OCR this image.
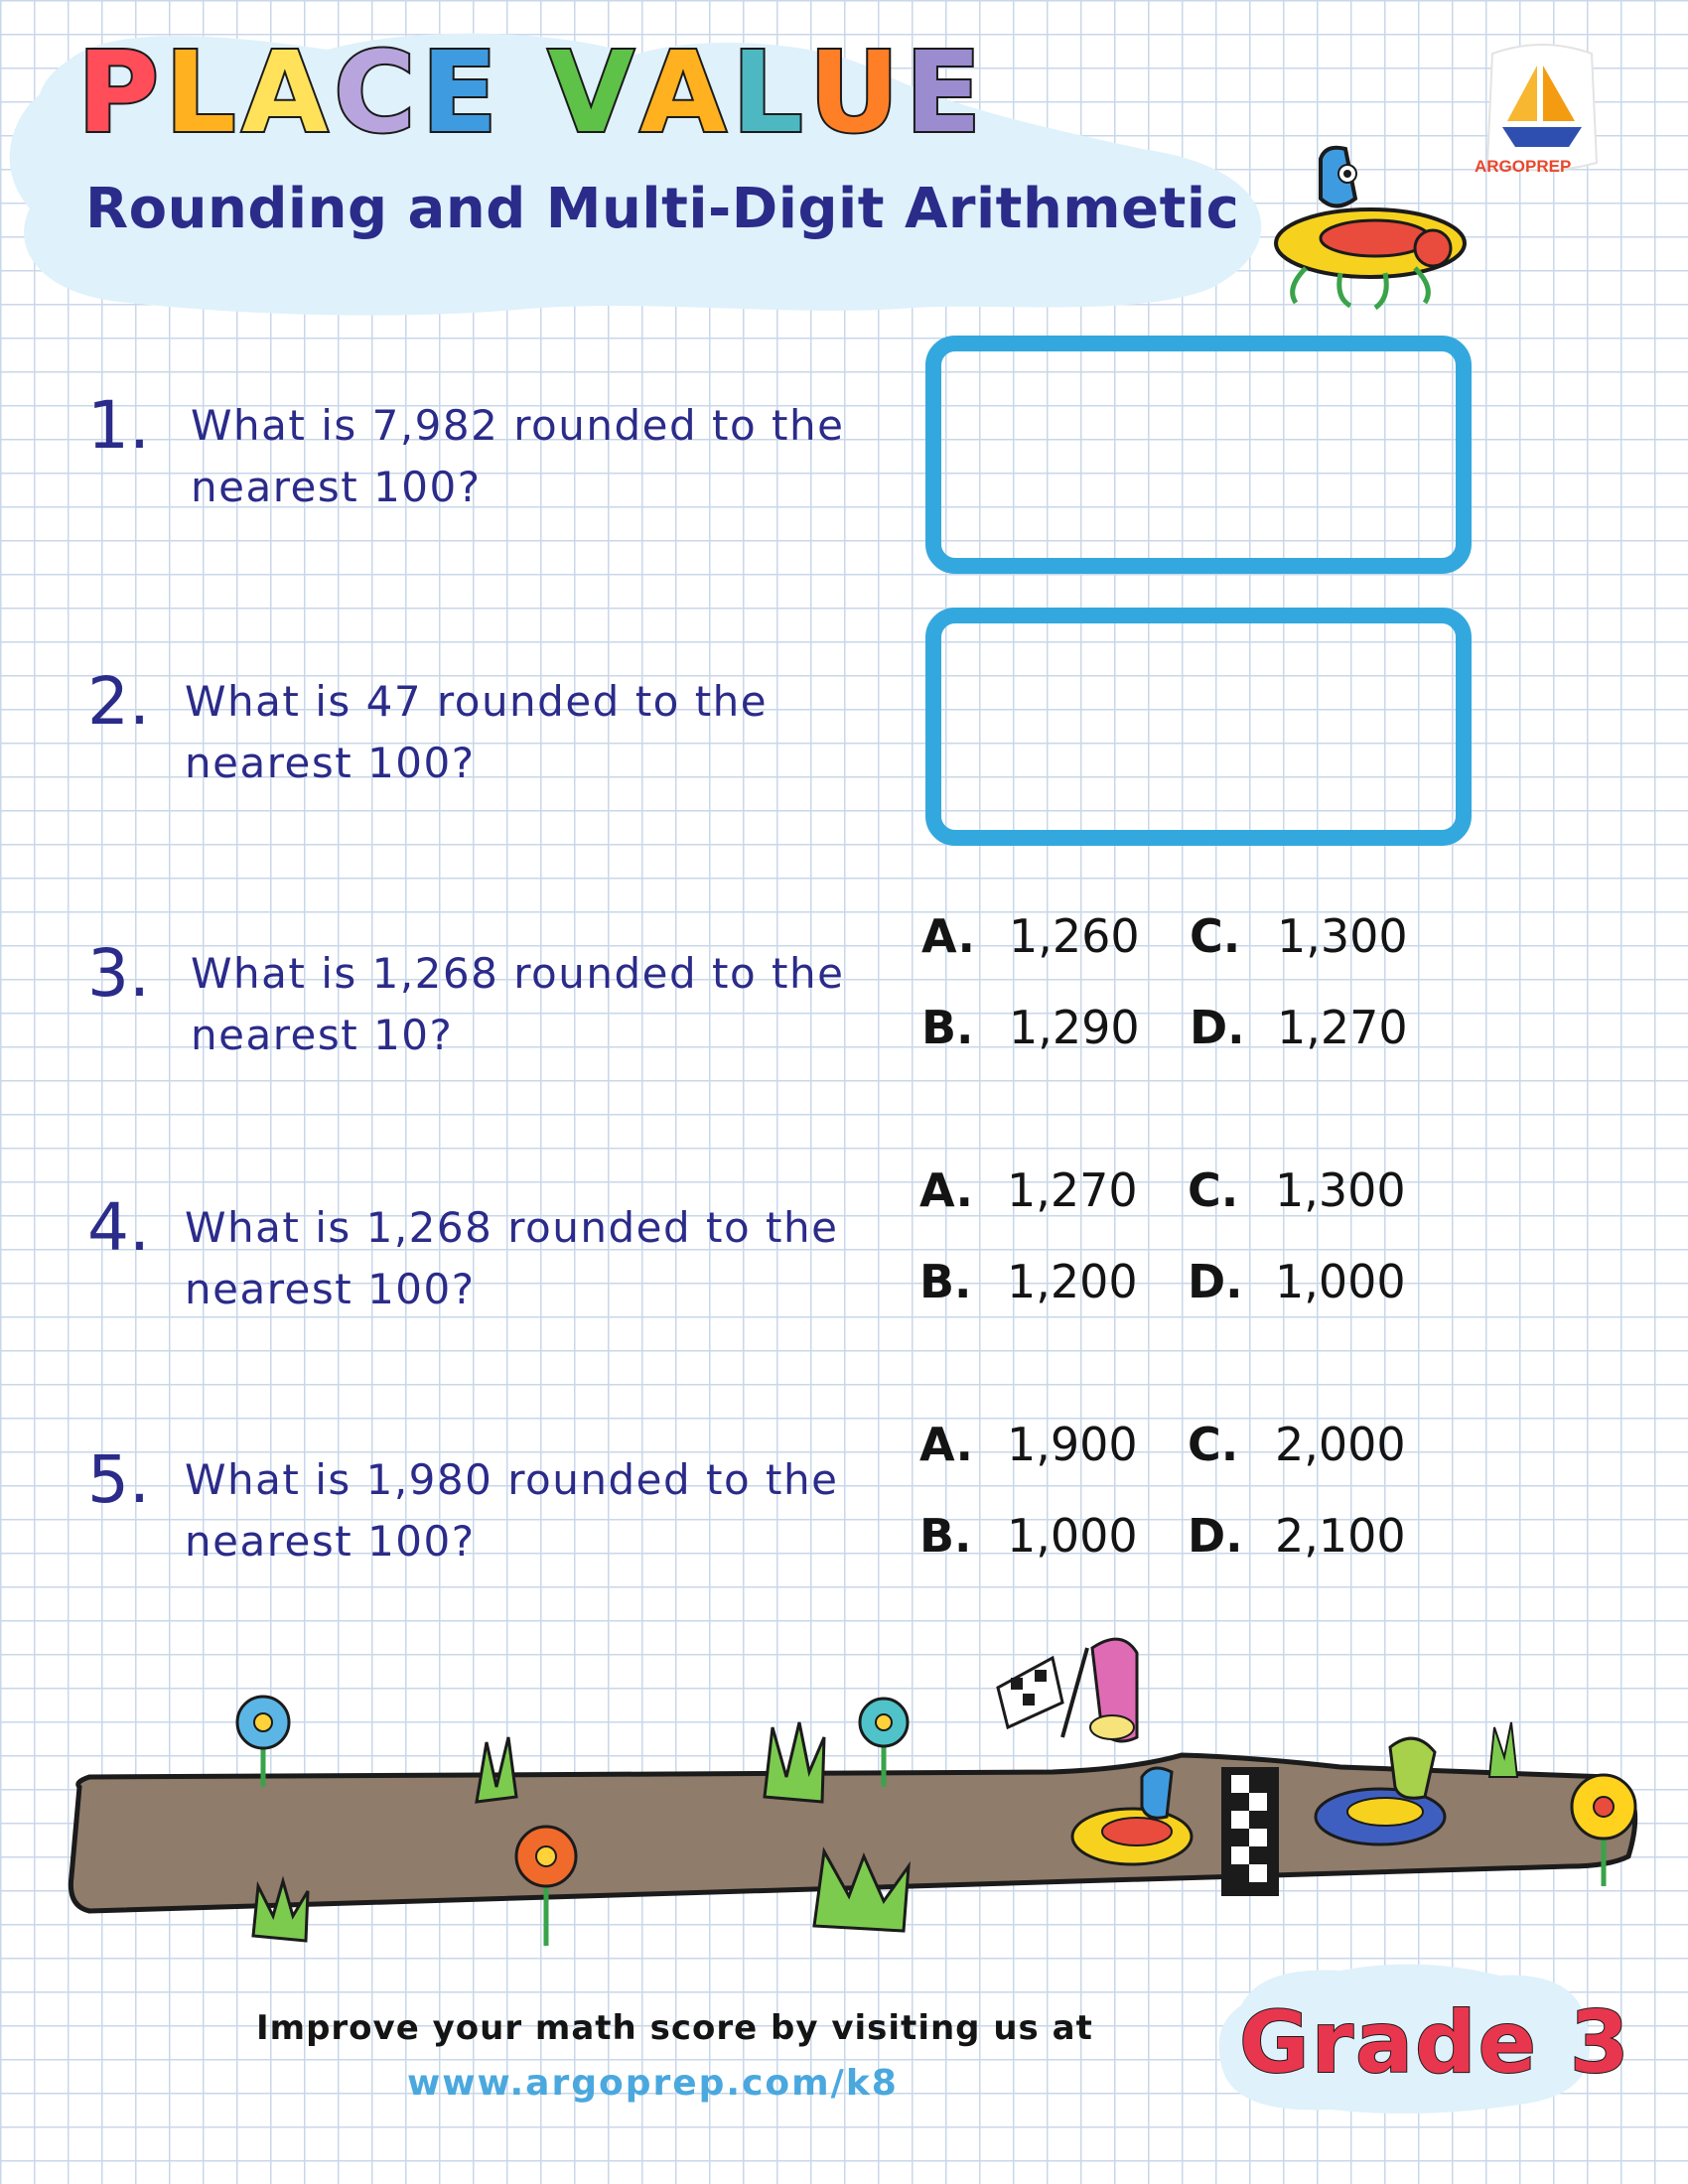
PLACE VALUE
Rounding and Multi-Digit Arithmetic
ARGOPREP
1. What is 7,982 rounded to the
nearest 100?
2. What is 47 rounded to the
nearest 100?
3. What is 1,268 rounded to the
nearest 10?
4. What is 1,268 rounded to the
nearest 100?
5. What is 1,980 rounded to the
nearest 100?
A. 1,260 C. 1,300
B. 1,290 D. 1,270
A. 1,270 C. 1,300
B. 1,200 D. 1,000
A. 1,900 C. 2,000
B. 1,000 D. 2,100
Improve your math score by visiting us at
www.argoprep.com/k8	Grade 3
